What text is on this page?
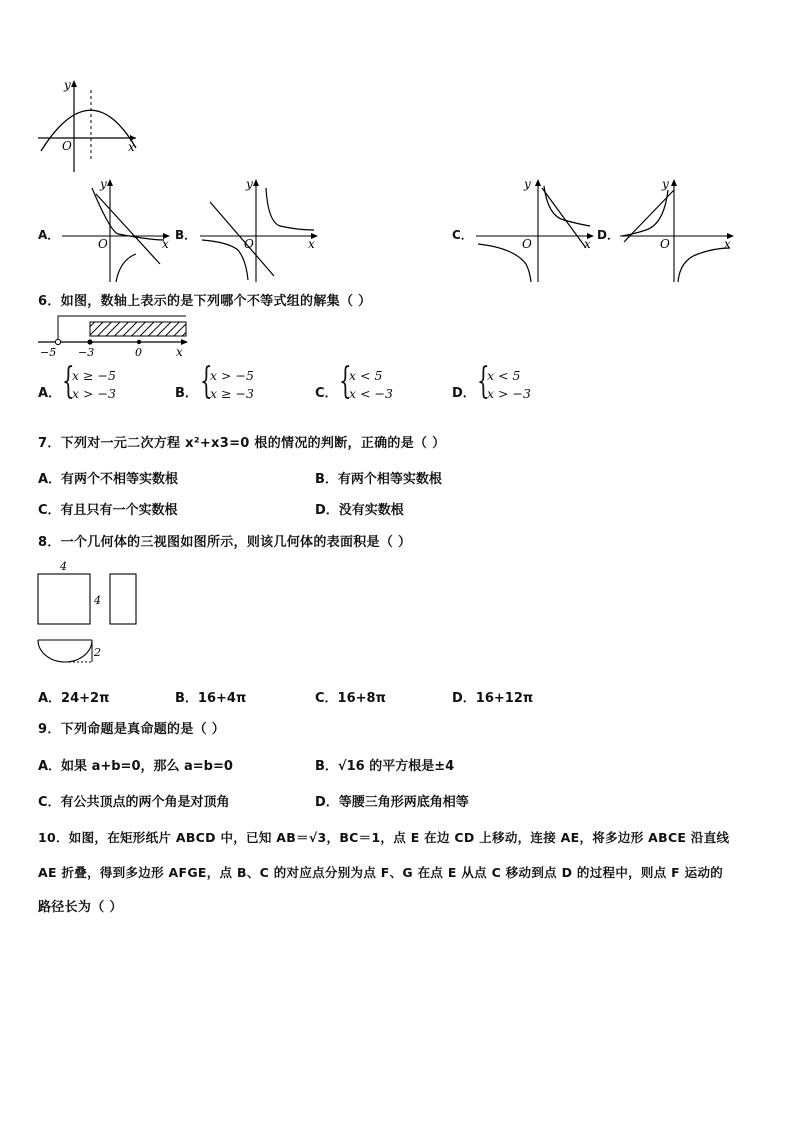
y
O	x
A．
y
O	x
B．
y
O	x
C．
y
O	x
D．
y
O	x
6．如图，数轴上表示的是下列哪个不等式组的解集（ ）
−5 −3	0	x
A． {
x ≥ −5
x > −3	B． {
x > −5
x ≥ −3	C． {
x < 5
x < −3	D． {
x < 5
x > −3
7．下列对一元二次方程 x²+x3=0 根的情况的判断，正确的是（ ）
A．有两个不相等实数根	B．有两个相等实数根
C．有且只有一个实数根	D．没有实数根
8．一个几何体的三视图如图所示，则该几何体的表面积是（ ）
4
4
2
A．24+2π	B．16+4π	C．16+8π	D．16+12π
9．下列命题是真命题的是（ ）
A．如果 a+b=0，那么 a=b=0	B．√16 的平方根是±4
C．有公共顶点的两个角是对顶角	D．等腰三角形两底角相等
10．如图，在矩形纸片 ABCD 中，已知 AB＝√3，BC＝1，点 E 在边 CD 上移动，连接 AE，将多边形 ABCE 沿直线
AE 折叠，得到多边形 AFGE，点 B、C 的对应点分别为点 F、G 在点 E 从点 C 移动到点 D 的过程中，则点 F 运动的
路径长为（ ）
